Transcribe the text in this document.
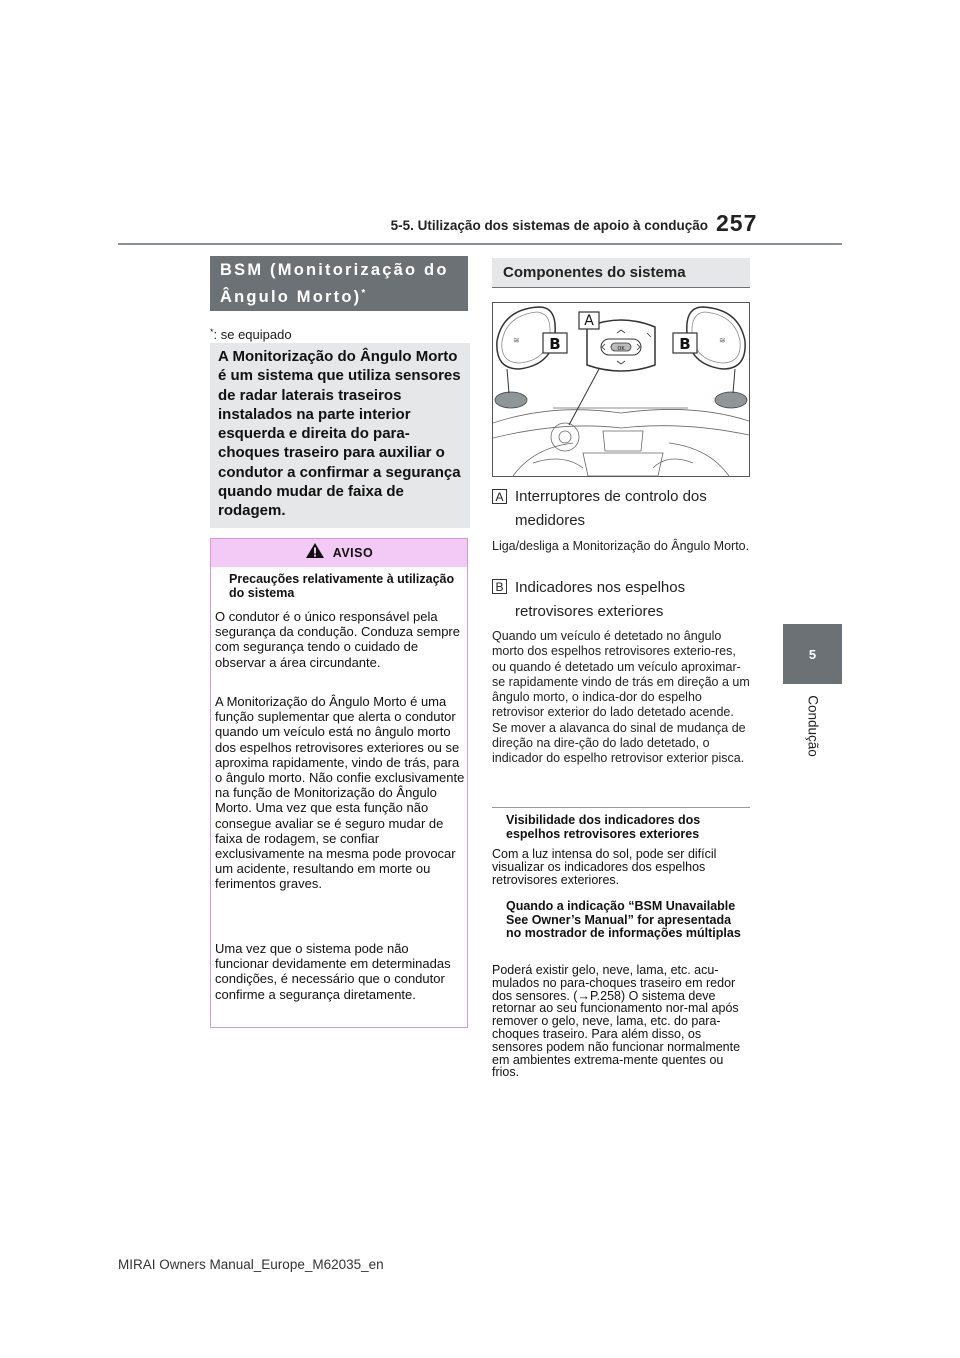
5-5. Utilização dos sistemas de apoio à condução 257
5
Condução
BSM (Monitorização do
Ângulo Morto)*
*: se equipado
A Monitorização do Ângulo Morto é um sistema que utiliza sensores de radar laterais traseiros instalados na parte interior esquerda e direita do para-choques traseiro para auxiliar o condutor a confirmar a segurança quando mudar de faixa de rodagem.
AVISO
Precauções relativamente à utilização do sistema
O condutor é o único responsável pela segurança da condução. Conduza sempre com segurança tendo o cuidado de observar a área circundante.
A Monitorização do Ângulo Morto é uma função suplementar que alerta o condutor quando um veículo está no ângulo morto dos espelhos retrovisores exteriores ou se aproxima rapidamente, vindo de trás, para o ângulo morto. Não confie exclusivamente na função de Monitorização do Ângulo Morto. Uma vez que esta função não consegue avaliar se é seguro mudar de faixa de rodagem, se confiar exclusivamente na mesma pode provocar um acidente, resultando em morte ou ferimentos graves.
Uma vez que o sistema pode não funcionar devidamente em determinadas condições, é necessário que o condutor confirme a segurança diretamente.
Componentes do sistema
≋	≋
OK
A
B	B
A Interruptores de controlo dos medidores
Liga/desliga a Monitorização do Ângulo Morto.
B Indicadores nos espelhos retrovisores exteriores
Quando um veículo é detetado no ângulo morto dos espelhos retrovisores exterio-res, ou quando é detetado um veículo aproximar-se rapidamente vindo de trás em direção a um ângulo morto, o indica-dor do espelho retrovisor exterior do lado detetado acende. Se mover a alavanca do sinal de mudança de direção na dire-ção do lado detetado, o indicador do espelho retrovisor exterior pisca.
Visibilidade dos indicadores dos espelhos retrovisores exteriores
Com a luz intensa do sol, pode ser difícil visualizar os indicadores dos espelhos retrovisores exteriores.
Quando a indicação “BSM Unavailable See Owner’s Manual” for apresentada no mostrador de informações múltiplas
Poderá existir gelo, neve, lama, etc. acu-mulados no para-choques traseiro em redor dos sensores. (→P.258) O sistema deve retornar ao seu funcionamento nor-mal após remover o gelo, neve, lama, etc. do para-choques traseiro. Para além disso, os sensores podem não funcionar normalmente em ambientes extrema-mente quentes ou frios.
MIRAI Owners Manual_Europe_M62035_en
